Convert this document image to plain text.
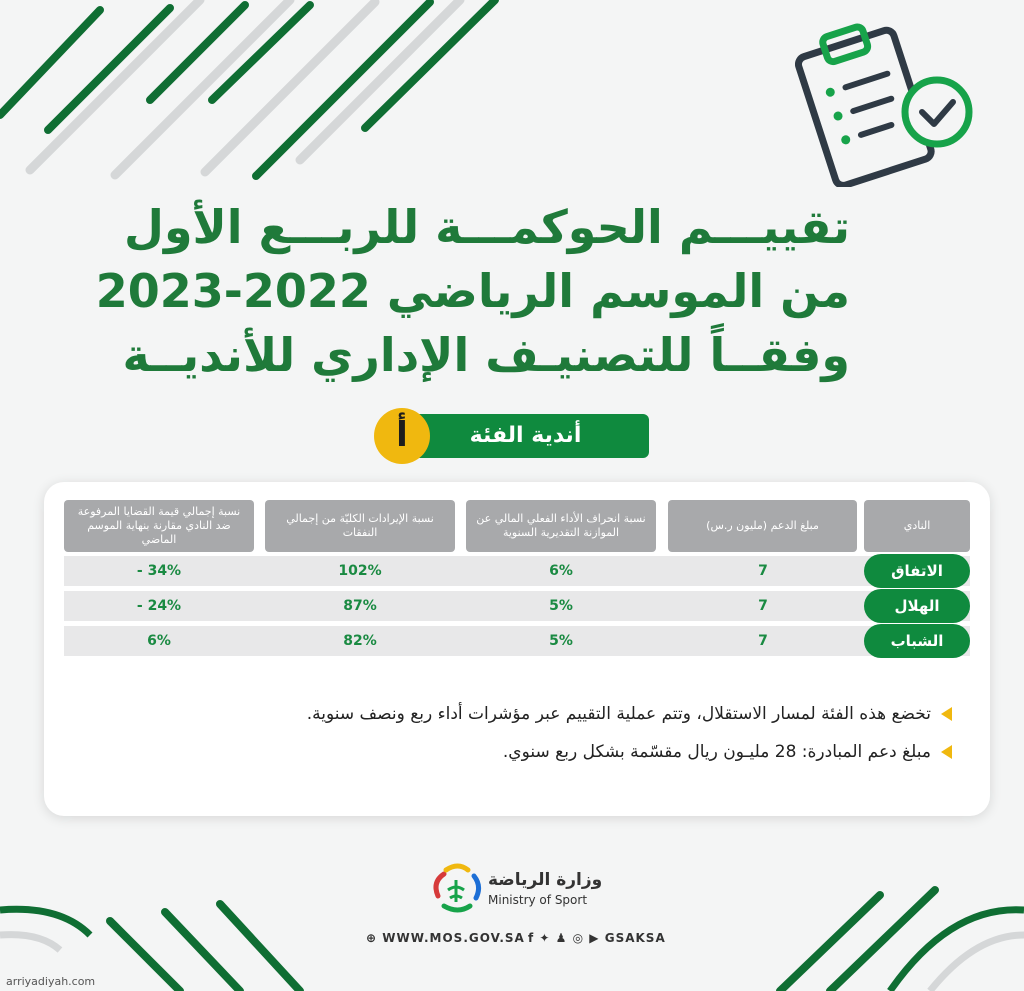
تقييـــم الحوكمـــة للربـــع الأول
من الموسم الرياضي 2022-2023
وفقــاً للتصنيـف الإداري للأنديــة
أندية الفئة
أ
النادي
مبلغ الدعم (مليون ر.س)
نسبة انحراف الأداء الفعلي المالي عن الموازنة التقديرية السنوية
نسبة الإيرادات الكليّة من إجمالي النفقات
نسبة إجمالي قيمة القضايا المرفوعة ضد النادي مقارنة بنهاية الموسم الماضي
الاتفاق
7
6%
102%
- 34%
الهلال
7
5%
87%
- 24%
الشباب
7
5%
82%
6%
تخضع هذه الفئة لمسار الاستقلال، وتتم عملية التقييم عبر مؤشرات أداء ربع ونصف سنوية.
مبلغ دعم المبادرة: 28 مليـون ريال مقسّمة بشكل ربع سنوي.
وزارة الرياضة
Ministry of Sport
⊕ WWW.MOS.GOV.SA f ✦ ♟ ◎ ▶ GSAKSA
arriyadiyah.com
